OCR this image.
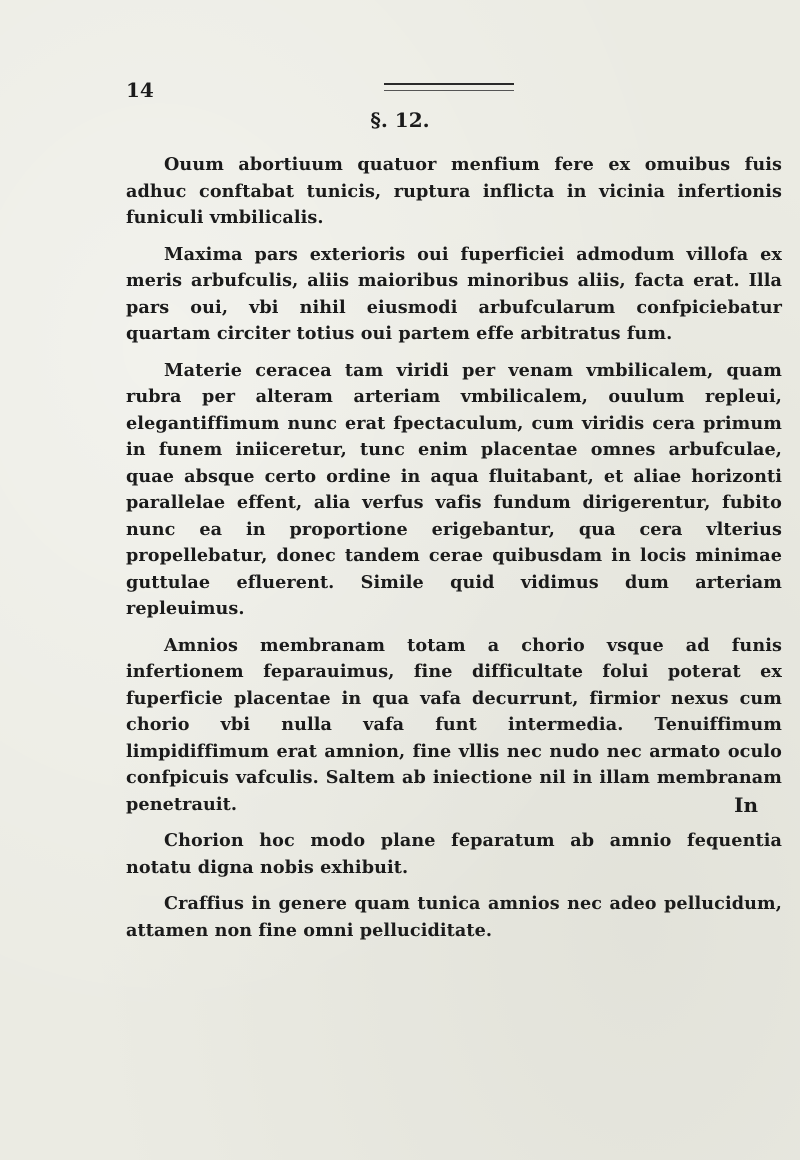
14

§. 12.

Ouum abortiuum quatuor menfium fere ex omuibus fuis adhuc conftabat tunicis, ruptura inflicta in vicinia infertionis funiculi vmbilicalis.

Maxima pars exterioris oui fuperficiei admodum villofa ex meris arbufculis, aliis maioribus minoribus aliis, facta erat. Illa pars oui, vbi nihil eiusmodi arbufcularum confpiciebatur quartam circiter totius oui partem effe arbitratus fum.

Materie ceracea tam viridi per venam vmbilicalem, quam rubra per alteram arteriam vmbilicalem, ouulum repleui, elegantiffimum nunc erat fpectaculum, cum viridis cera primum in funem iniiceretur, tunc enim placentae omnes arbufculae, quae absque certo ordine in aqua fluitabant, et aliae horizonti parallelae effent, alia verfus vafis fundum dirigerentur, fubito nunc ea in proportione erigebantur, qua cera vlterius propellebatur, donec tandem cerae quibusdam in locis minimae guttulae efluerent. Simile quid vidimus dum arteriam repleuimus.

Amnios membranam totam a chorio vsque ad funis infertionem feparauimus, fine difficultate folui poterat ex fuperficie placentae in qua vafa decurrunt, firmior nexus cum chorio vbi nulla vafa funt intermedia. Tenuiffimum limpidiffimum erat amnion, fine vllis nec nudo nec armato oculo confpicuis vafculis. Saltem ab iniectione nil in illam membranam penetrauit.

Chorion hoc modo plane feparatum ab amnio fequentia notatu digna nobis exhibuit.

Craffius in genere quam tunica amnios nec adeo pellucidum, attamen non fine omni pelluciditate.

In
